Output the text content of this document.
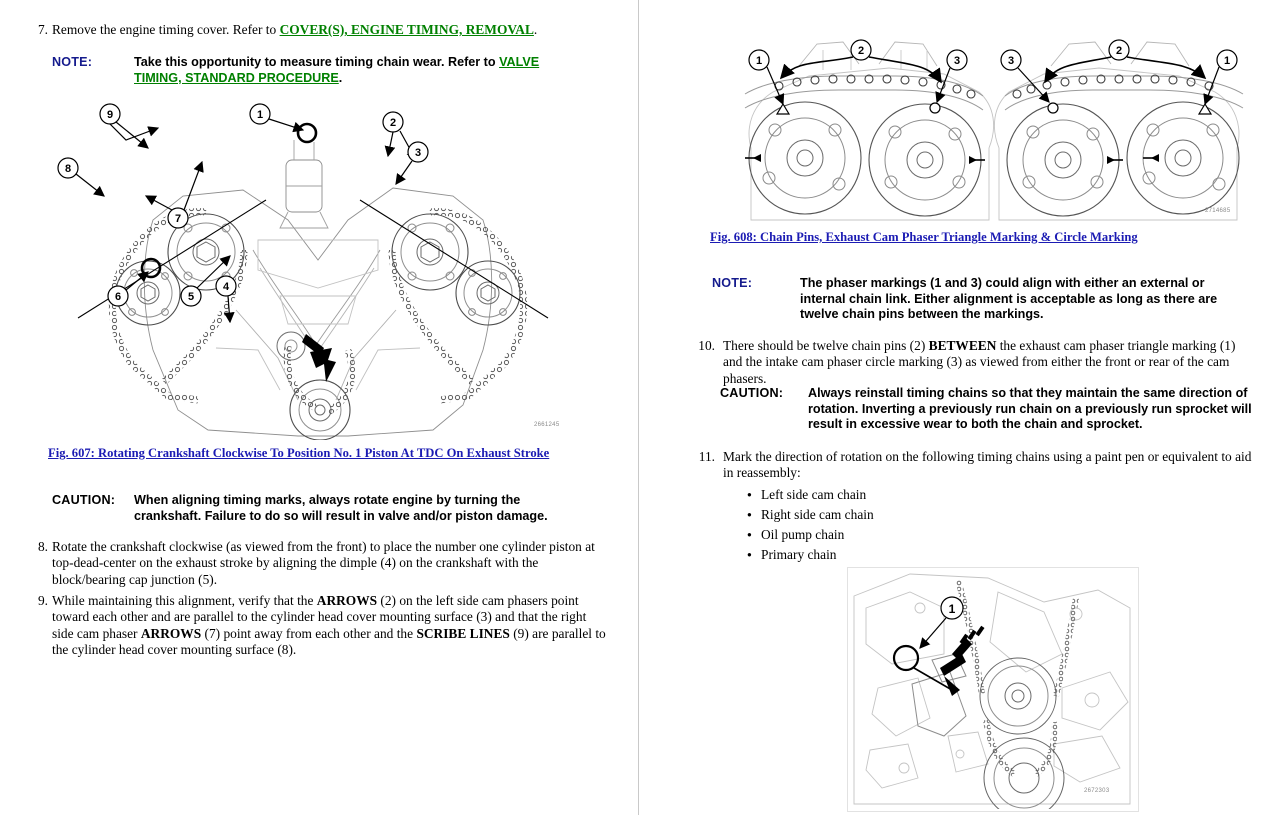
7. Remove the engine timing cover. Refer to COVER(S), ENGINE TIMING, REMOVAL.
NOTE:	Take this opportunity to measure timing chain wear. Refer to VALVE TIMING, STANDARD PROCEDURE.
9	1
2
3
8
7
6	5
4
2661245
Fig. 607: Rotating Crankshaft Clockwise To Position No. 1 Piston At TDC On Exhaust Stroke
CAUTION: When aligning timing marks, always rotate engine by turning the
crankshaft. Failure to do so will result in valve and/or piston damage.
8. Rotate the crankshaft clockwise (as viewed from the front) to place the number one cylinder piston at top-dead-center on the exhaust stroke by aligning the dimple (4) on the crankshaft with the block/bearing cap junction (5).
9. While maintaining this alignment, verify that the ARROWS (2) on the left side cam phasers point toward each other and are parallel to the cylinder head cover mounting surface (3) and that the right side cam phaser ARROWS (7) point away from each other and the SCRIBE LINES (9) are parallel to the cylinder head cover mounting surface (8).
1
2
3	3
2
1
2714685
Fig. 608: Chain Pins, Exhaust Cam Phaser Triangle Marking & Circle Marking
NOTE:	The phaser markings (1 and 3) could align with either an external or
internal chain link. Either alignment is acceptable as long as there are
twelve chain pins between the markings.
10. There should be twelve chain pins (2) BETWEEN the exhaust cam phaser triangle marking (1) and the intake cam phaser circle marking (3) as viewed from either the front or rear of the cam phasers.
CAUTION: Always reinstall timing chains so that they maintain the same direction of
rotation. Inverting a previously run chain on a previously run sprocket will
result in excessive wear to both the chain and sprocket.
11. Mark the direction of rotation on the following timing chains using a paint pen or equivalent to aid in reassembly:
● Left side cam chain
● Right side cam chain
● Oil pump chain
● Primary chain
1
2672303
